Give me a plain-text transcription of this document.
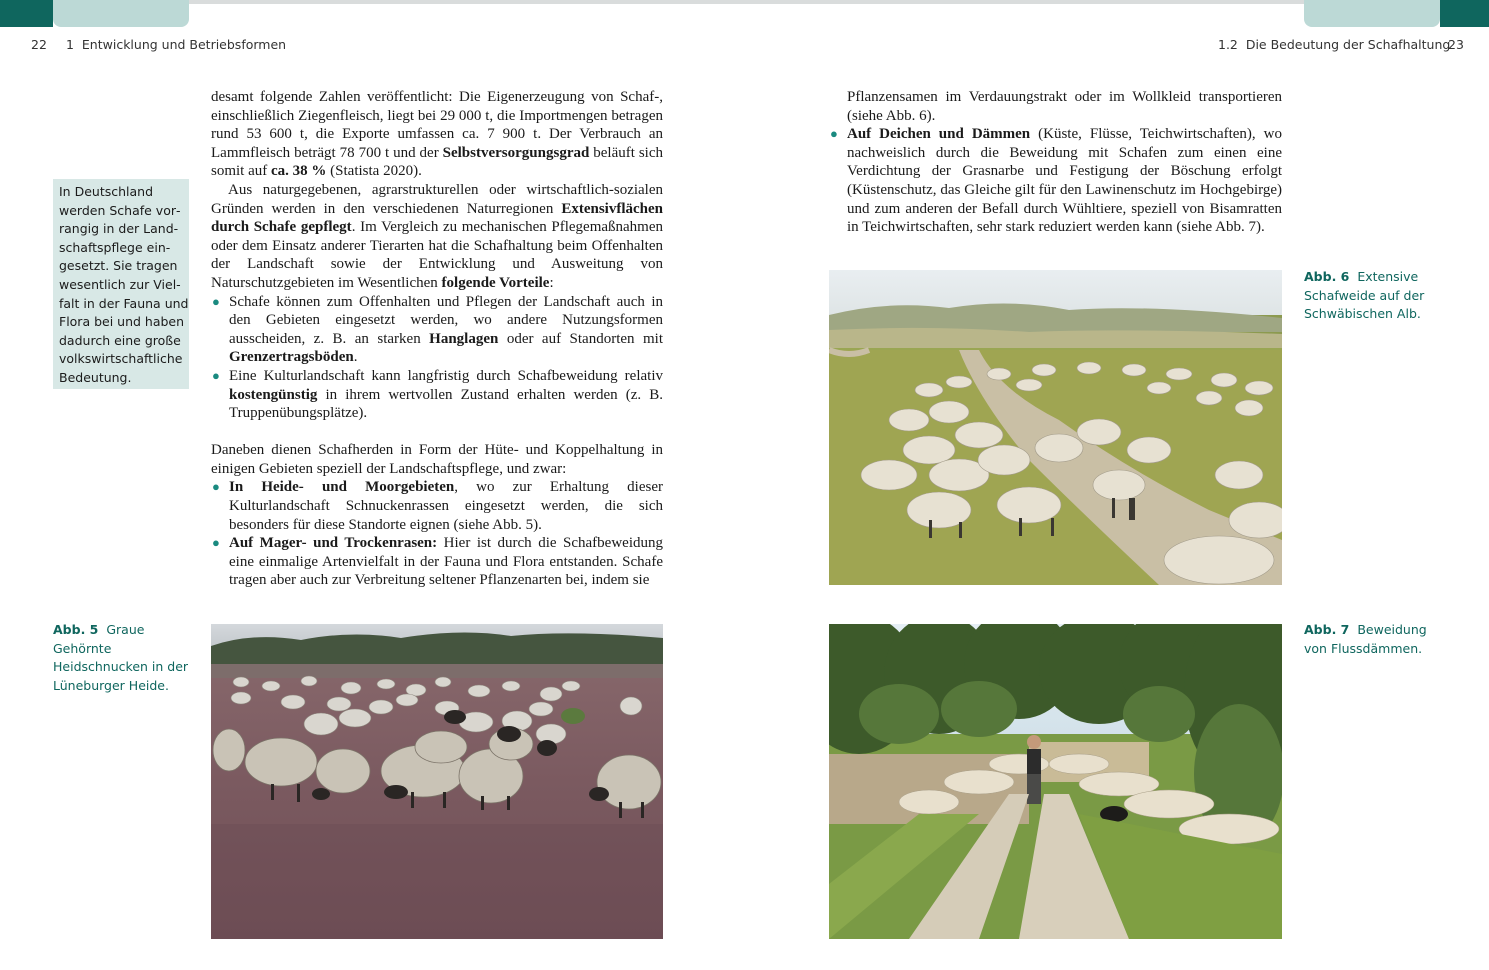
22 1  Entwicklung und Betriebsformen	1.2  Die Bedeutung der Schafhaltung
23
In Deutschland werden Schafe vorrangig in der Landschaftspflege eingesetzt. Sie tragen wesentlich zur Vielfalt in der Fauna und Flora bei und haben dadurch eine große volkswirtschaftliche Bedeutung.

desamt folgende Zahlen veröffentlicht: Die Eigenerzeugung von Schaf-, einschließlich Ziegenfleisch, liegt bei 29 000 t, die Importmengen betragen rund 53 600 t, die Exporte umfassen ca. 7 900 t. Der Verbrauch an Lammfleisch beträgt 78 700 t und der Selbstversorgungsgrad beläuft sich somit auf ca. 38 % (Statista 2020).

Aus naturgegebenen, agrarstrukturellen oder wirtschaftlich-sozialen Gründen werden in den verschiedenen Naturregionen Extensivflächen durch Schafe gepflegt. Im Vergleich zu mechanischen Pflegemaßnahmen oder dem Einsatz anderer Tierarten hat die Schafhaltung beim Offenhalten der Landschaft sowie der Entwicklung und Ausweitung von Naturschutzgebieten im Wesentlichen folgende Vorteile:

● Schafe können zum Offenhalten und Pflegen der Landschaft auch in den Gebieten eingesetzt werden, wo andere Nutzungsformen ausscheiden, z. B. an starken Hanglagen oder auf Standorten mit Grenzertragsböden.
● Eine Kulturlandschaft kann langfristig durch Schafbeweidung relativ kostengünstig in ihrem wertvollen Zustand erhalten werden (z. B. Truppenübungsplätze).

Daneben dienen Schafherden in Form der Hüte- und Koppelhaltung in einigen Gebieten speziell der Landschaftspflege, und zwar:

● In Heide- und Moorgebieten, wo zur Erhaltung dieser Kulturlandschaft Schnuckenrassen eingesetzt werden, die sich besonders für diese Standorte eignen (siehe Abb. 5).
● Auf Mager- und Trockenrasen: Hier ist durch die Schafbeweidung eine einmalige Artenvielfalt in der Fauna und Flora entstanden. Schafe tragen aber auch zur Verbreitung seltener Pflanzenarten bei, indem sie
Pflanzensamen im Verdauungstrakt oder im Wollkleid transportieren (siehe Abb. 6).
● Auf Deichen und Dämmen (Küste, Flüsse, Teichwirtschaften), wo nachweislich durch die Beweidung mit Schafen zum einen eine Verdichtung der Grasnarbe und Festigung der Böschung erfolgt (Küstenschutz, das Gleiche gilt für den Lawinenschutz im Hochgebirge) und zum anderen der Befall durch Wühltiere, speziell von Bisamratten in Teichwirtschaften, sehr stark reduziert werden kann (siehe Abb. 7).
Abb. 5 Graue Gehörnte Heidschnucken in der Lüneburger Heide.
Abb. 6 Extensive Schafweide auf der Schwäbischen Alb.
Abb. 7 Beweidung von Flussdämmen.
